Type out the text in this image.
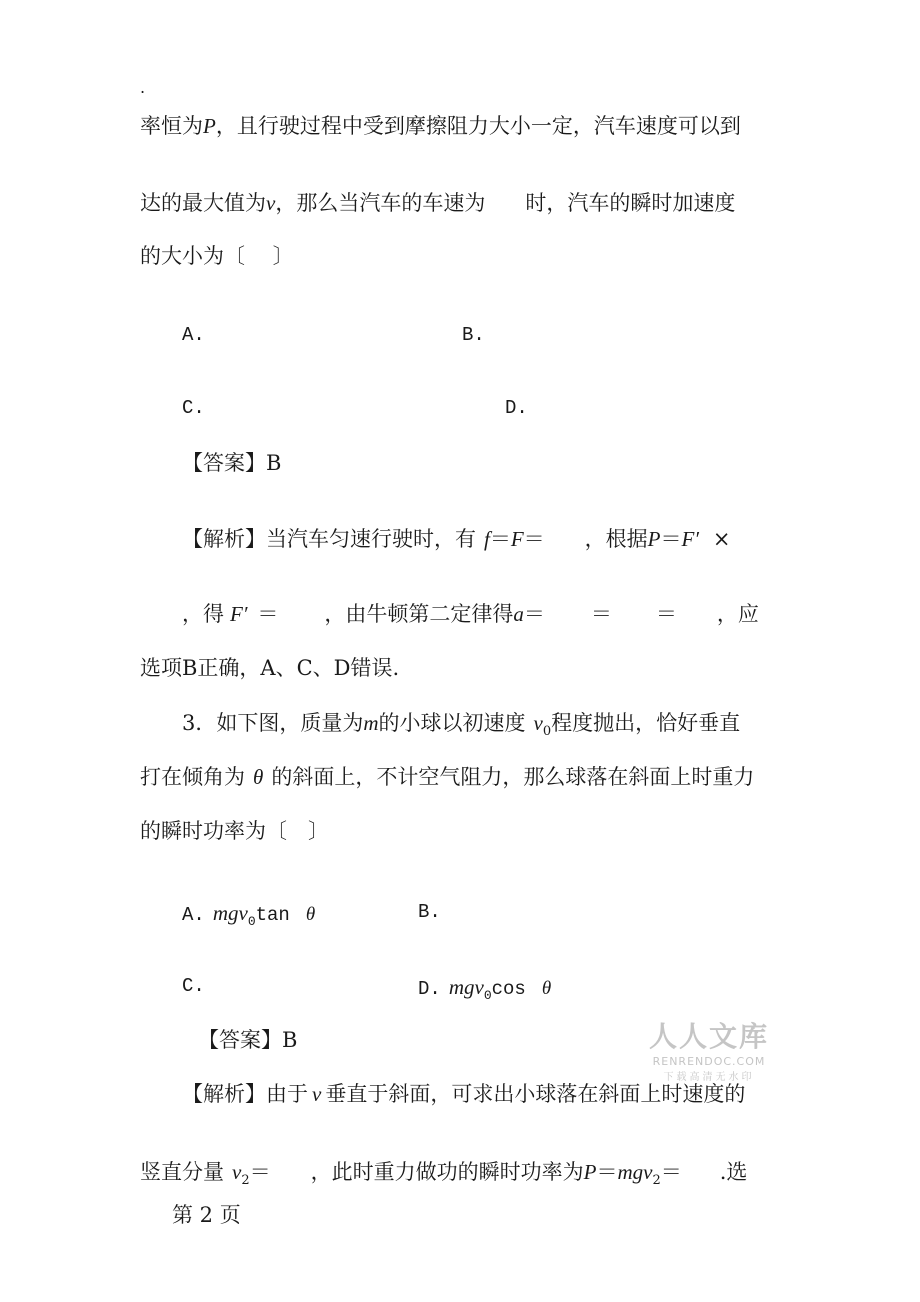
.
率恒为P，且行驶过程中受到摩擦阻力大小一定，汽车速度可以到
达的最大值为v，那么当汽车的车速为 时，汽车的瞬时加速度
的大小为〔　 〕
A.	B.
C.	D.
【答案】B
【解析】当汽车匀速行驶时，有 f＝F＝ ，根据P＝F′ ×
，得 F′ ＝ ，由牛顿第二定律得a＝ ＝ ＝ ，应
选项B正确，A、C、D错误.
3．如下图，质量为m的小球以初速度 $v_0$程度抛出，恰好垂直
打在倾角为 θ 的斜面上，不计空气阻力，那么球落在斜面上时重力
的瞬时功率为〔　〕
A. mgv$_0$tan θ	B.
C.	D. mgv$_0$cos θ
【答案】B
【解析】由于 v 垂直于斜面，可求出小球落在斜面上时速度的
竖直分量 $v_2=$ ，此时重力做功的瞬时功率为P＝mgv$_2$＝ .选
第 2 页
人人文库
RENRENDOC.COM
下载高清无水印
